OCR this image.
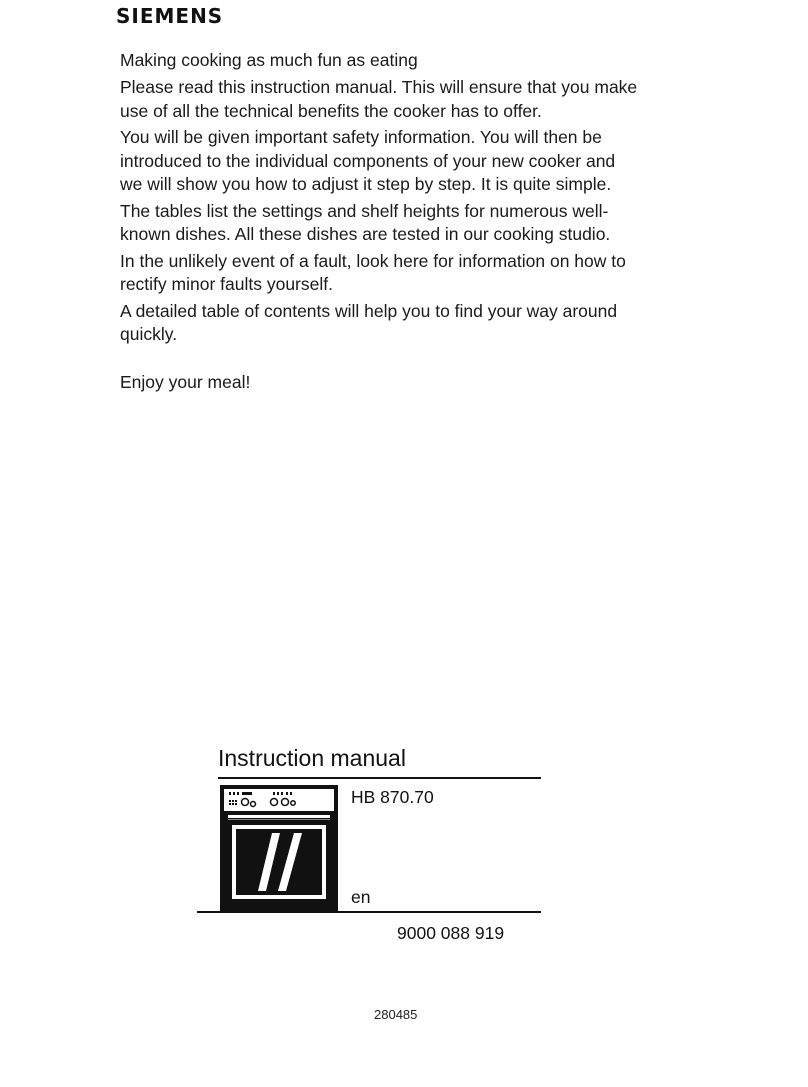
SIEMENS
Making cooking as much fun as eating

Please read this instruction manual. This will ensure that you make use of all the technical benefits the cooker has to offer.

You will be given important safety information. You will then be introduced to the individual components of your new cooker and we will show you how to adjust it step by step. It is quite simple.

The tables list the settings and shelf heights for numerous well-known dishes. All these dishes are tested in our cooking studio.

In the unlikely event of a fault, look here for information on how to rectify minor faults yourself.

A detailed table of contents will help you to find your way around quickly.

Enjoy your meal!

Instruction manual
HB 870.70
en
9000 088 919
280485
